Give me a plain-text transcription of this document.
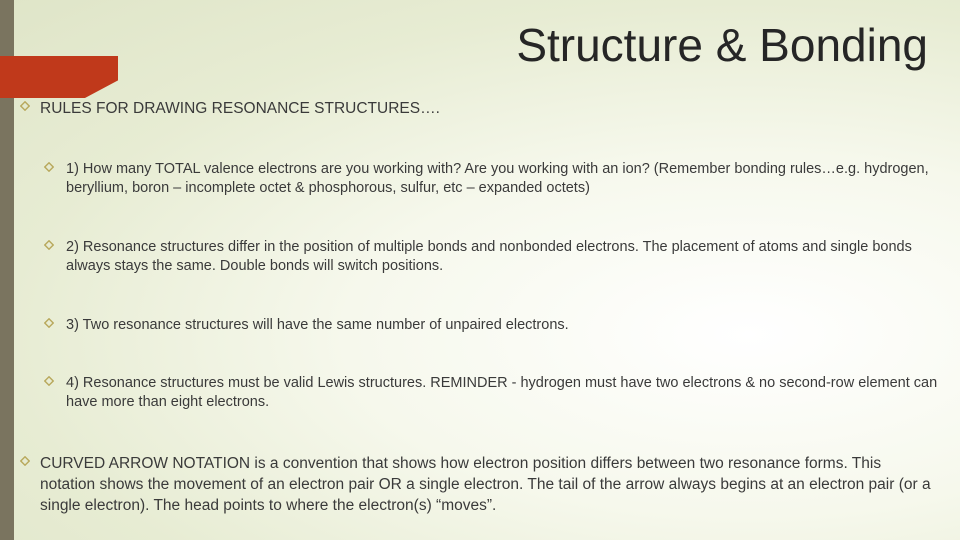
Structure & Bonding

RULES FOR DRAWING RESONANCE STRUCTURES….

1) How many TOTAL valence electrons are you working with? Are you working with an ion? (Remember bonding rules…e.g. hydrogen, beryllium, boron – incomplete octet & phosphorous, sulfur, etc – expanded octets)

2) Resonance structures differ in the position of multiple bonds and nonbonded electrons. The placement of atoms and single bonds always stays the same. Double bonds will switch positions.

3) Two resonance structures will have the same number of unpaired electrons.

4) Resonance structures must be valid Lewis structures. REMINDER - hydrogen must have two electrons & no second-row element can have more than eight electrons.

CURVED ARROW NOTATION is a convention that shows how electron position differs between two resonance forms. This notation shows the movement of an electron pair OR a single electron. The tail of the arrow always begins at an electron pair (or a single electron). The head points to where the electron(s) “moves”.
